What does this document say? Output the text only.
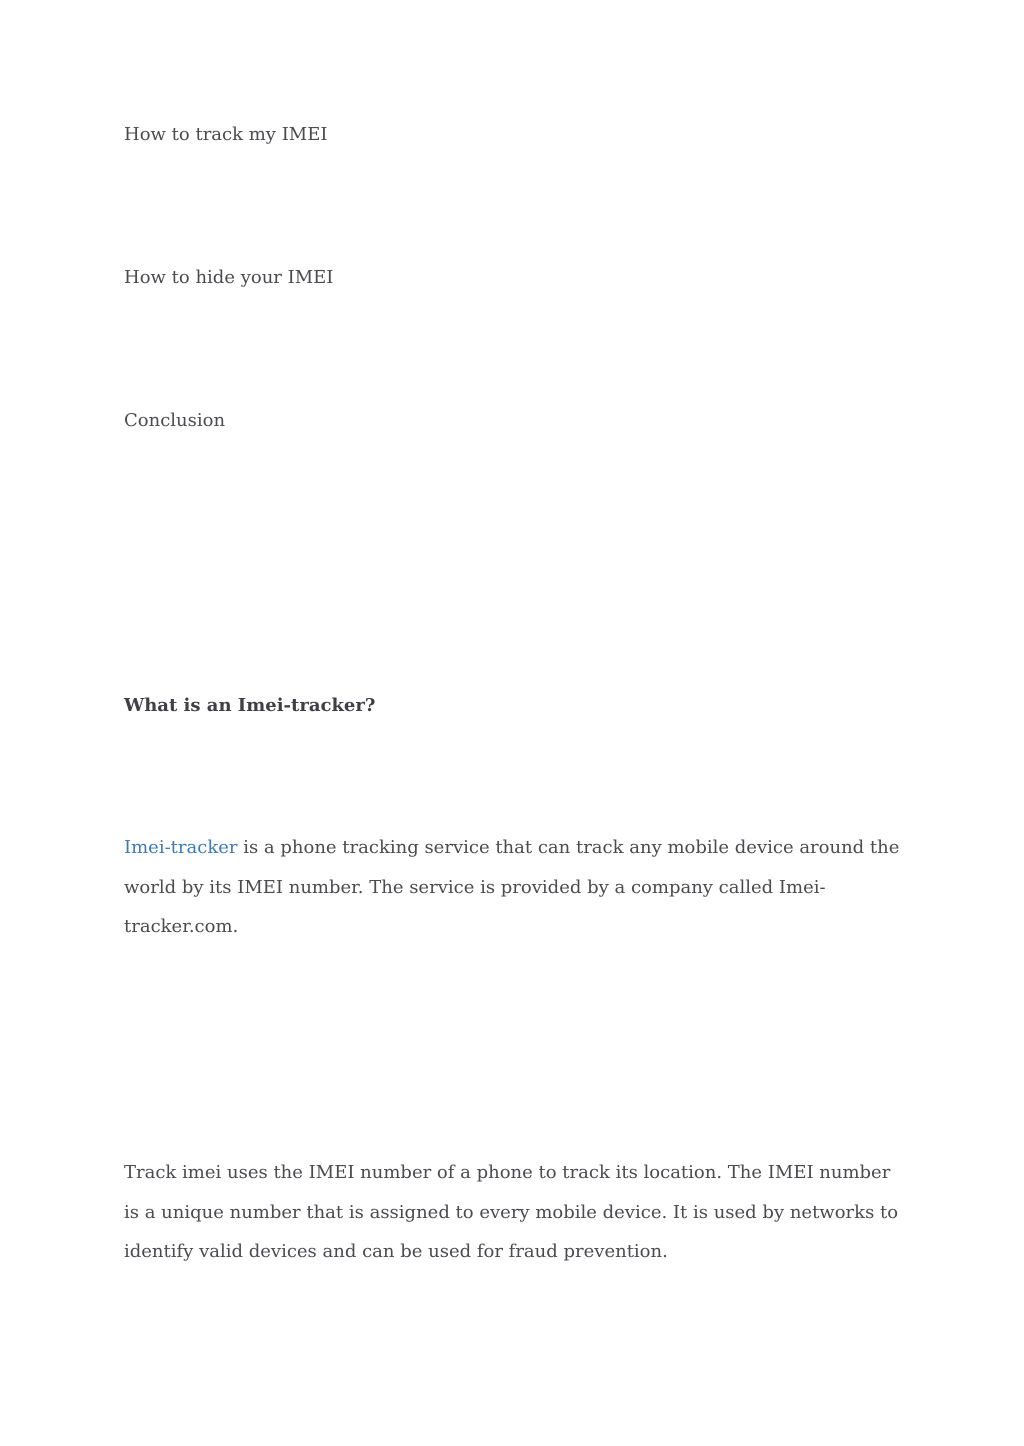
How to track my IMEI

How to hide your IMEI

Conclusion

What is an Imei-tracker?

Imei-tracker is a phone tracking service that can track any mobile device around the world by its IMEI number. The service is provided by a company called Imei-tracker.com.

Track imei uses the IMEI number of a phone to track its location. The IMEI number is a unique number that is assigned to every mobile device. It is used by networks to identify valid devices and can be used for fraud prevention.
